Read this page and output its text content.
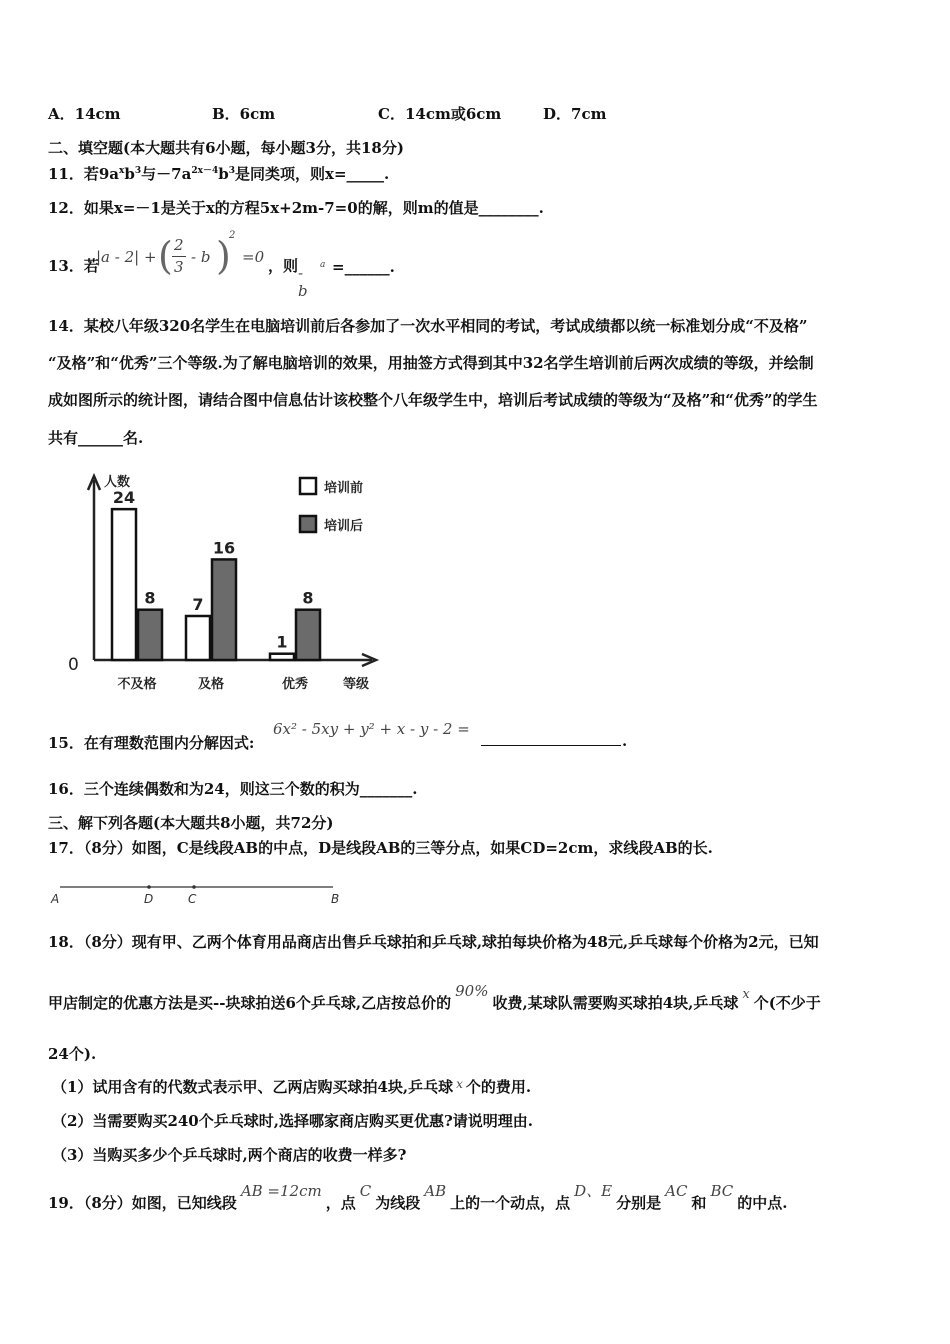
A．14cm	B．6cm	C．14cm或6cm	D．7cm
二、填空题(本大题共有6小题，每小题3分，共18分)
11．若$9a^xb^3$与$-7a^{2x-4}b^3$是同类项，则x=_____.
12．如果x=－1是关于x的方程5x+2m-7=0的解，则m的值是________.
13．若
|a - 2| + ( 2
3
- b )
2
=0 ，则 - b
a =______.
14．某校八年级320名学生在电脑培训前后各参加了一次水平相同的考试，考试成绩都以统一标准划分成“不及格”
“及格”和“优秀”三个等级.为了解电脑培训的效果，用抽签方式得到其中32名学生培训前后两次成绩的等级，并绘制
成如图所示的统计图，请结合图中信息估计该校整个八年级学生中，培训后考试成绩的等级为“及格”和“优秀”的学生
共有______名.
人数
0
等级
24
8
不及格
7
16
及格
1
8
优秀
培训前
培训后
15．在有理数范围内分解因式:
6x² - 5xy + y² + x - y - 2 =
.
16．三个连续偶数和为24，则这三个数的积为_______.
三、解下列各题(本大题共8小题，共72分)
17．（8分）如图，C是线段AB的中点，D是线段AB的三等分点，如果CD=2cm，求线段AB的长.
A	D	C	B
18．（8分）现有甲、乙两个体育用品商店出售乒乓球拍和乒乓球,球拍每块价格为48元,乒乓球每个价格为2元，已知
甲店制定的优惠方法是买--块球拍送6个乒乓球,乙店按总价的90%收费,某球队需要购买球拍4块,乒乓球 x 个(不少于
24个).
（1）试用含有的代数式表示甲、乙两店购买球拍4块,乒乓球 $^x$ 个的费用.
（2）当需要购买240个乒乓球时,选择哪家商店购买更优惠?请说明理由.
（3）当购买多少个乒乓球时,两个商店的收费一样多?
19．（8分）如图，已知线段AB =12cm，点C为线段AB上的一个动点，点D、E分别是AC和BC的中点.
